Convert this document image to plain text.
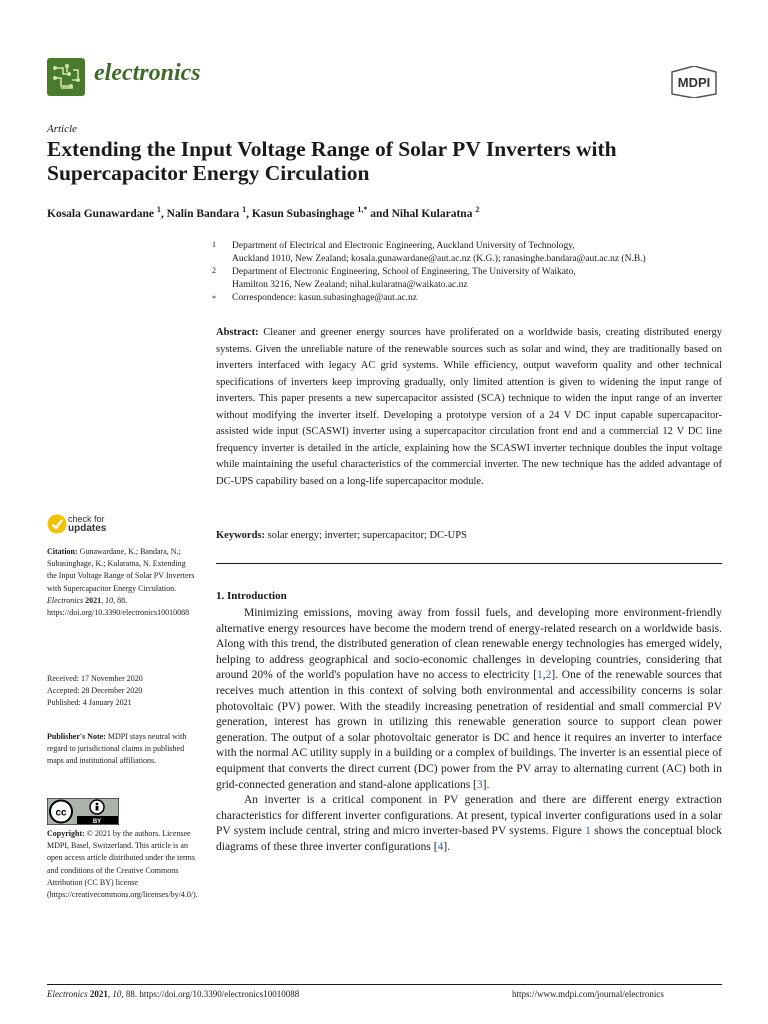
electronics	MDPI
Article
Extending the Input Voltage Range of Solar PV Inverters with Supercapacitor Energy Circulation
Kosala Gunawardane $^1$, Nalin Bandara $^1$, Kasun Subasinghage $^{1,*}$ and Nihal Kularatna $^2$
1 Department of Electrical and Electronic Engineering, Auckland University of Technology,
Auckland 1010, New Zealand; kosala.gunawardane@aut.ac.nz (K.G.); ranasinghe.bandara@aut.ac.nz (N.B.)
2 Department of Electronic Engineering, School of Engineering, The University of Waikato,
Hamilton 3216, New Zealand; nihal.kularatna@waikato.ac.nz
* Correspondence: kasun.subasinghage@aut.ac.nz
Abstract: Cleaner and greener energy sources have proliferated on a worldwide basis, creating distributed energy systems. Given the unreliable nature of the renewable sources such as solar and wind, they are traditionally based on inverters interfaced with legacy AC grid systems. While efficiency, output waveform quality and other technical specifications of inverters keep improving gradually, only limited attention is given to widening the input range of inverters. This paper presents a new supercapacitor assisted (SCA) technique to widen the input range of an inverter without modifying the inverter itself. Developing a prototype version of a 24 V DC input capable supercapacitor-assisted wide input (SCASWI) inverter using a supercapacitor circulation front end and a commercial 12 V DC line frequency inverter is detailed in the article, explaining how the SCASWI inverter technique doubles the input voltage while maintaining the useful characteristics of the commercial inverter. The new technique has the added advantage of DC-UPS capability based on a long-life supercapacitor module.
Keywords: solar energy; inverter; supercapacitor; DC-UPS
1. Introduction

Minimizing emissions, moving away from fossil fuels, and developing more environment-friendly alternative energy resources have become the modern trend of energy-related research on a worldwide basis. Along with this trend, the distributed generation of clean renewable energy technologies has emerged widely, helping to address geographical and socio-economic challenges in developing countries, considering that around 20% of the world's population have no access to electricity [1,2]. One of the renewable sources that receives much attention in this context of solving both environmental and accessibility concerns is solar photovoltaic (PV) power. With the steadily increasing penetration of residential and small commercial PV generation, interest has grown in utilizing this renewable generation source to support clean power generation. The output of a solar photovoltaic generator is DC and hence it requires an inverter to interface with the normal AC utility supply in a building or a complex of buildings. The inverter is an essential piece of equipment that converts the direct current (DC) power from the PV array to alternating current (AC) both in grid-connected generation and stand-alone applications [3].

An inverter is a critical component in PV generation and there are different energy extraction characteristics for different inverter configurations. At present, typical inverter configurations used in a solar PV system include central, string and micro inverter-based PV systems. Figure 1 shows the conceptual block diagrams of these three inverter configurations [4].

check for
updates
Citation: Gunawardane, K.; Bandara, N.; Subasinghage, K.; Kularatna, N. Extending the Input Voltage Range of Solar PV Inverters with Supercapacitor Energy Circulation. Electronics 2021, 10, 88. https://doi.org/10.3390/electronics10010088
Received: 17 November 2020
Accepted: 28 December 2020
Published: 4 January 2021
Publisher's Note: MDPI stays neutral with regard to jurisdictional claims in published maps and institutional affiliations.
cc
BY
Copyright: © 2021 by the authors. Licensee MDPI, Basel, Switzerland. This article is an open access article distributed under the terms and conditions of the Creative Commons Attribution (CC BY) license (https://creativecommons.org/licenses/by/4.0/).
Electronics 2021, 10, 88. https://doi.org/10.3390/electronics10010088	https://www.mdpi.com/journal/electronics
